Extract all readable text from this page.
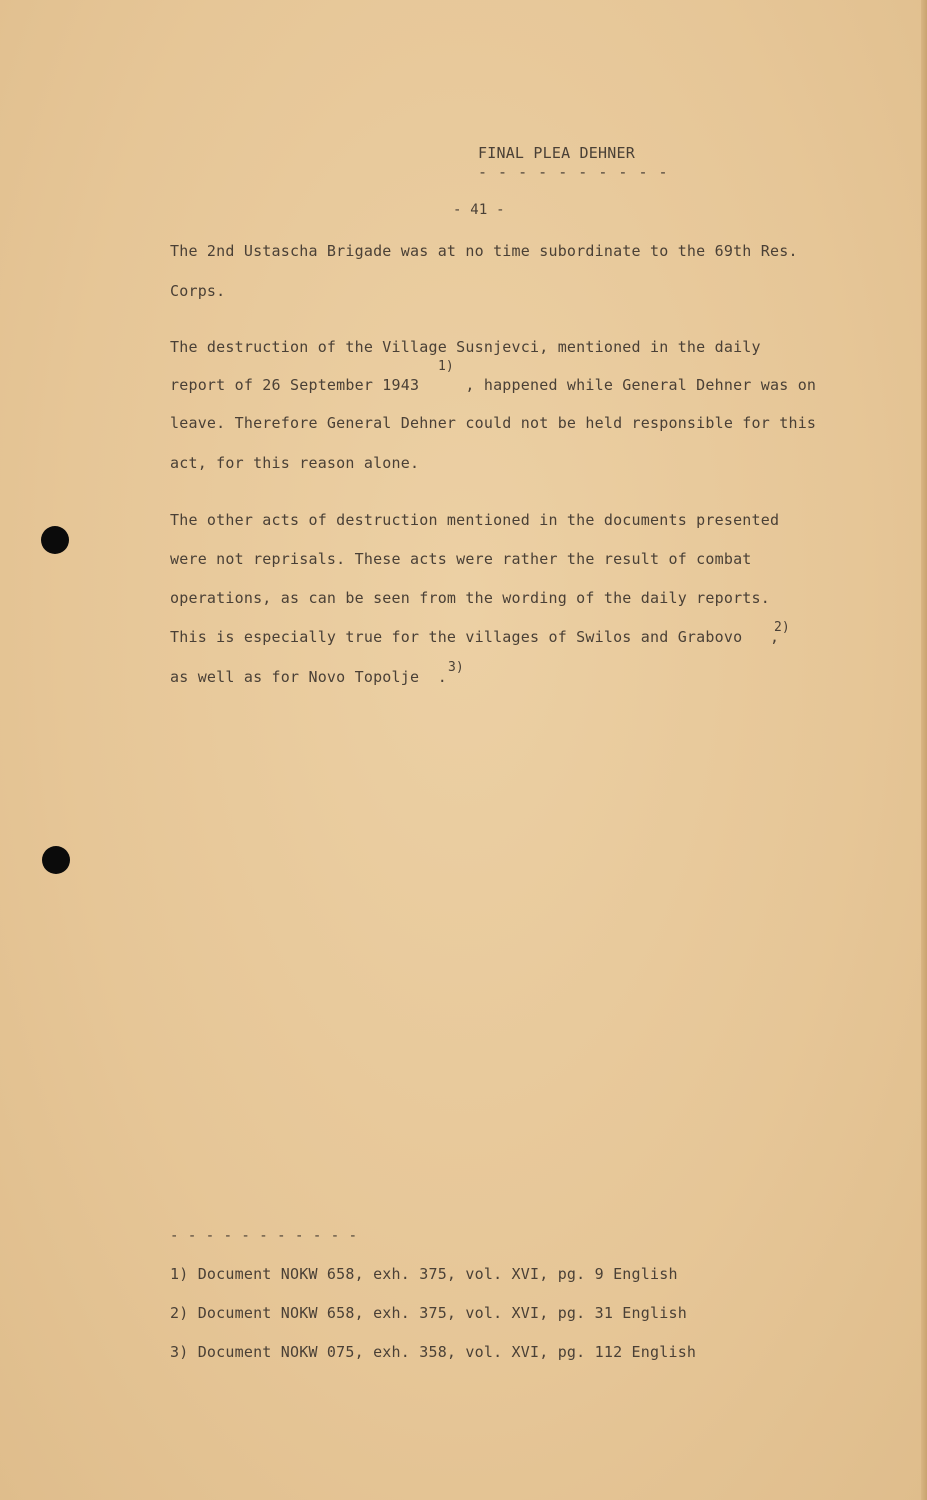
FINAL PLEA DEHNER
- - - - - - - - - -
- 41 -
The 2nd Ustascha Brigade was at no time subordinate to the 69th Res.
Corps.
The destruction of the Village Susnjevci, mentioned in the daily
1)
report of 26 September 1943     , happened while General Dehner was on
leave. Therefore General Dehner could not be held responsible for this
act, for this reason alone.
The other acts of destruction mentioned in the documents presented
were not reprisals. These acts were rather the result of combat
operations, as can be seen from the wording of the daily reports.
This is especially true for the villages of Swilos and Grabovo   ,
2)
as well as for Novo Topolje  .
3)
- - - - - - - - - - -
1) Document NOKW 658, exh. 375, vol. XVI, pg. 9 English
2) Document NOKW 658, exh. 375, vol. XVI, pg. 31 English
3) Document NOKW 075, exh. 358, vol. XVI, pg. 112 English
